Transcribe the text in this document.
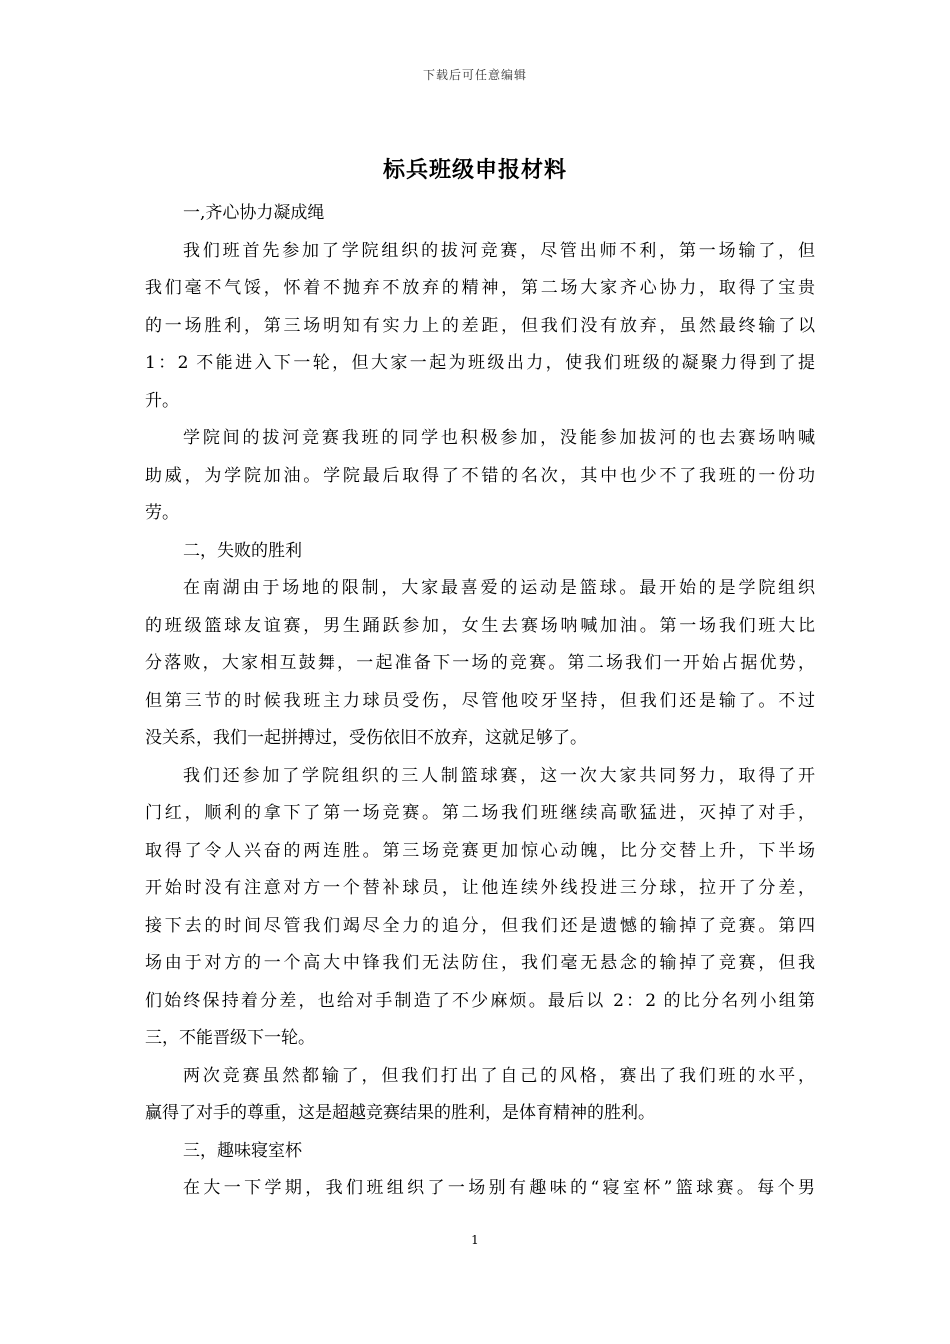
下载后可任意编辑
标兵班级申报材料
一,齐心协力凝成绳
我们班首先参加了学院组织的拔河竞赛，尽管出师不利，第一场输了，但
我们毫不气馁，怀着不抛弃不放弃的精神，第二场大家齐心协力，取得了宝贵
的一场胜利，第三场明知有实力上的差距，但我们没有放弃，虽然最终输了以
1：2 不能进入下一轮，但大家一起为班级出力，使我们班级的凝聚力得到了提
升。
学院间的拔河竞赛我班的同学也积极参加，没能参加拔河的也去赛场呐喊
助威，为学院加油。学院最后取得了不错的名次，其中也少不了我班的一份功
劳。
二，失败的胜利
在南湖由于场地的限制，大家最喜爱的运动是篮球。最开始的是学院组织
的班级篮球友谊赛，男生踊跃参加，女生去赛场呐喊加油。第一场我们班大比
分落败，大家相互鼓舞，一起准备下一场的竞赛。第二场我们一开始占据优势，
但第三节的时候我班主力球员受伤，尽管他咬牙坚持，但我们还是输了。不过
没关系，我们一起拼搏过，受伤依旧不放弃，这就足够了。
我们还参加了学院组织的三人制篮球赛，这一次大家共同努力，取得了开
门红，顺利的拿下了第一场竞赛。第二场我们班继续高歌猛进，灭掉了对手，
取得了令人兴奋的两连胜。第三场竞赛更加惊心动魄，比分交替上升，下半场
开始时没有注意对方一个替补球员，让他连续外线投进三分球，拉开了分差，
接下去的时间尽管我们竭尽全力的追分，但我们还是遗憾的输掉了竞赛。第四
场由于对方的一个高大中锋我们无法防住，我们毫无悬念的输掉了竞赛，但我
们始终保持着分差，也给对手制造了不少麻烦。最后以 2：2 的比分名列小组第
三，不能晋级下一轮。
两次竞赛虽然都输了，但我们打出了自己的风格，赛出了我们班的水平，
赢得了对手的尊重，这是超越竞赛结果的胜利，是体育精神的胜利。
三，趣味寝室杯
在大一下学期，我们班组织了一场别有趣味的“寝室杯”篮球赛。每个男
1
